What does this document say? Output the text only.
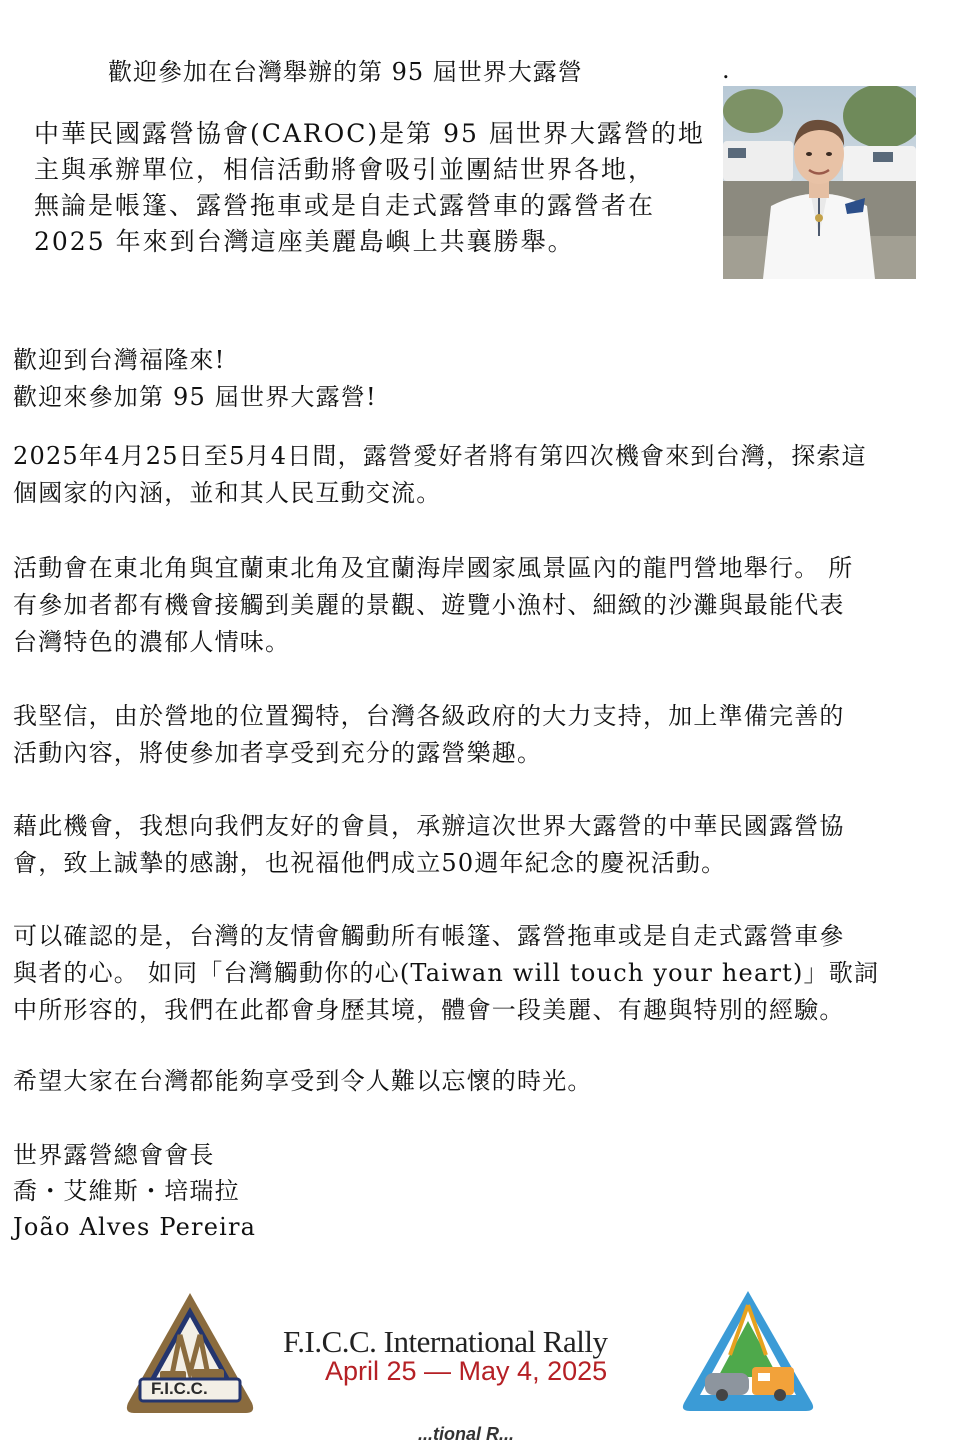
歡迎參加在台灣舉辦的第 95 屆世界大露營	.
中華民國露營協會(CAROC)是第 95 屆世界大露營的地
主與承辦單位，相信活動將會吸引並團結世界各地，
無論是帳篷、露營拖車或是自走式露營車的露營者在
2025 年來到台灣這座美麗島嶼上共襄勝舉。
歡迎到台灣福隆來!
歡迎來參加第 95 屆世界大露營!
2025年4月25日至5月4日間，露營愛好者將有第四次機會來到台灣，探索這
個國家的內涵，並和其人民互動交流。
活動會在東北角與宜蘭東北角及宜蘭海岸國家風景區內的龍門營地舉行。 所
有參加者都有機會接觸到美麗的景觀、遊覽小漁村、細緻的沙灘與最能代表
台灣特色的濃郁人情味。
我堅信，由於營地的位置獨特，台灣各級政府的大力支持，加上準備完善的
活動內容，將使參加者享受到充分的露營樂趣。
藉此機會，我想向我們友好的會員，承辦這次世界大露營的中華民國露營協
會，致上誠摯的感謝，也祝福他們成立50週年紀念的慶祝活動。
可以確認的是，台灣的友情會觸動所有帳篷、露營拖車或是自走式露營車參
與者的心。 如同「台灣觸動你的心(Taiwan will touch your heart)」歌詞
中所形容的，我們在此都會身歷其境，體會一段美麗、有趣與特別的經驗。
希望大家在台灣都能夠享受到令人難以忘懷的時光。
世界露營總會會長
喬・艾維斯・培瑞拉
João Alves Pereira
F.I.C.C.
F.I.C.C. International Rally
April 25 — May 4, 2025
...tional R...
